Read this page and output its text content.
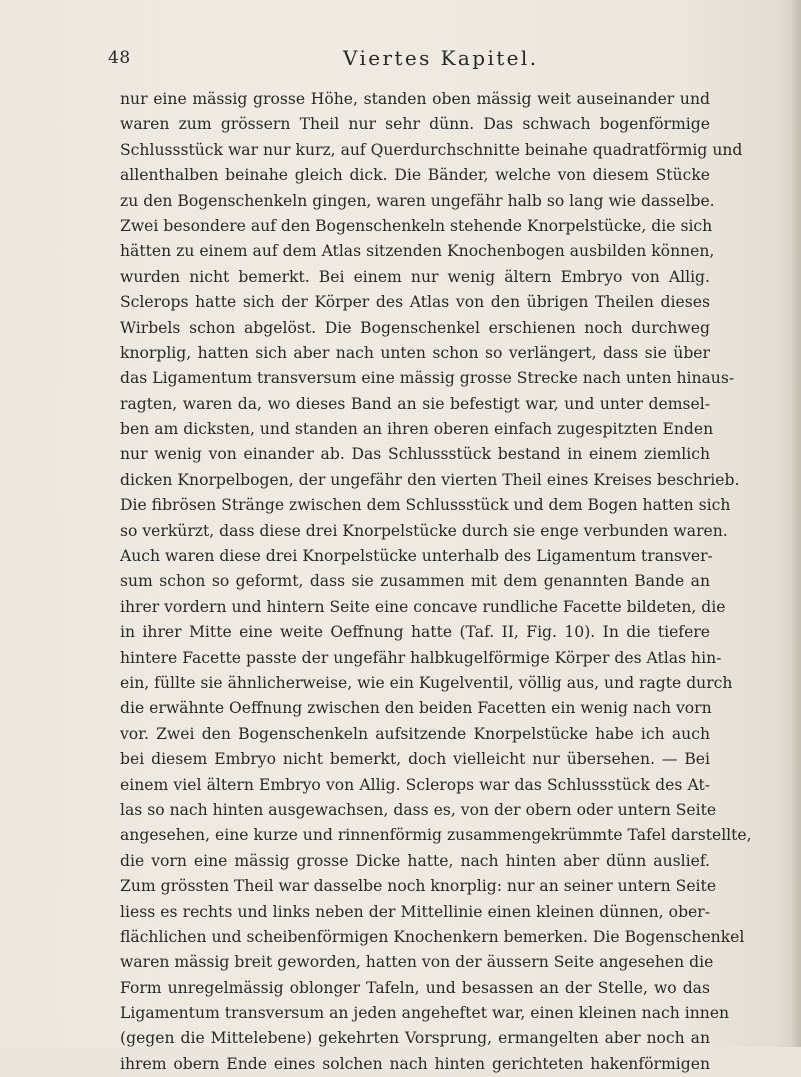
48	Viertes Kapitel.
nur eine mässig grosse Höhe, standen oben mässig weit auseinander und
waren zum grössern Theil nur sehr dünn. Das schwach bogenförmige
Schlussstück war nur kurz, auf Querdurchschnitte beinahe quadratförmig und
allenthalben beinahe gleich dick. Die Bänder, welche von diesem Stücke
zu den Bogenschenkeln gingen, waren ungefähr halb so lang wie dasselbe.
Zwei besondere auf den Bogenschenkeln stehende Knorpelstücke, die sich
hätten zu einem auf dem Atlas sitzenden Knochenbogen ausbilden können,
wurden nicht bemerkt. Bei einem nur wenig ältern Embryo von Allig.
Sclerops hatte sich der Körper des Atlas von den übrigen Theilen dieses
Wirbels schon abgelöst. Die Bogenschenkel erschienen noch durchweg
knorplig, hatten sich aber nach unten schon so verlängert, dass sie über
das Ligamentum transversum eine mässig grosse Strecke nach unten hinaus-
ragten, waren da, wo dieses Band an sie befestigt war, und unter demsel-
ben am dicksten, und standen an ihren oberen einfach zugespitzten Enden
nur wenig von einander ab. Das Schlussstück bestand in einem ziemlich
dicken Knorpelbogen, der ungefähr den vierten Theil eines Kreises beschrieb.
Die fibrösen Stränge zwischen dem Schlussstück und dem Bogen hatten sich
so verkürzt, dass diese drei Knorpelstücke durch sie enge verbunden waren.
Auch waren diese drei Knorpelstücke unterhalb des Ligamentum transver-
sum schon so geformt, dass sie zusammen mit dem genannten Bande an
ihrer vordern und hintern Seite eine concave rundliche Facette bildeten, die
in ihrer Mitte eine weite Oeffnung hatte (Taf. II, Fig. 10). In die tiefere
hintere Facette passte der ungefähr halbkugelförmige Körper des Atlas hin-
ein, füllte sie ähnlicherweise, wie ein Kugelventil, völlig aus, und ragte durch
die erwähnte Oeffnung zwischen den beiden Facetten ein wenig nach vorn
vor. Zwei den Bogenschenkeln aufsitzende Knorpelstücke habe ich auch
bei diesem Embryo nicht bemerkt, doch vielleicht nur übersehen. — Bei
einem viel ältern Embryo von Allig. Sclerops war das Schlussstück des At-
las so nach hinten ausgewachsen, dass es, von der obern oder untern Seite
angesehen, eine kurze und rinnenförmig zusammengekrümmte Tafel darstellte,
die vorn eine mässig grosse Dicke hatte, nach hinten aber dünn auslief.
Zum grössten Theil war dasselbe noch knorplig: nur an seiner untern Seite
liess es rechts und links neben der Mittellinie einen kleinen dünnen, ober-
flächlichen und scheibenförmigen Knochenkern bemerken. Die Bogenschenkel
waren mässig breit geworden, hatten von der äussern Seite angesehen die
Form unregelmässig oblonger Tafeln, und besassen an der Stelle, wo das
Ligamentum transversum an jeden angeheftet war, einen kleinen nach innen
(gegen die Mittelebene) gekehrten Vorsprung, ermangelten aber noch an
ihrem obern Ende eines solchen nach hinten gerichteten hakenförmigen
